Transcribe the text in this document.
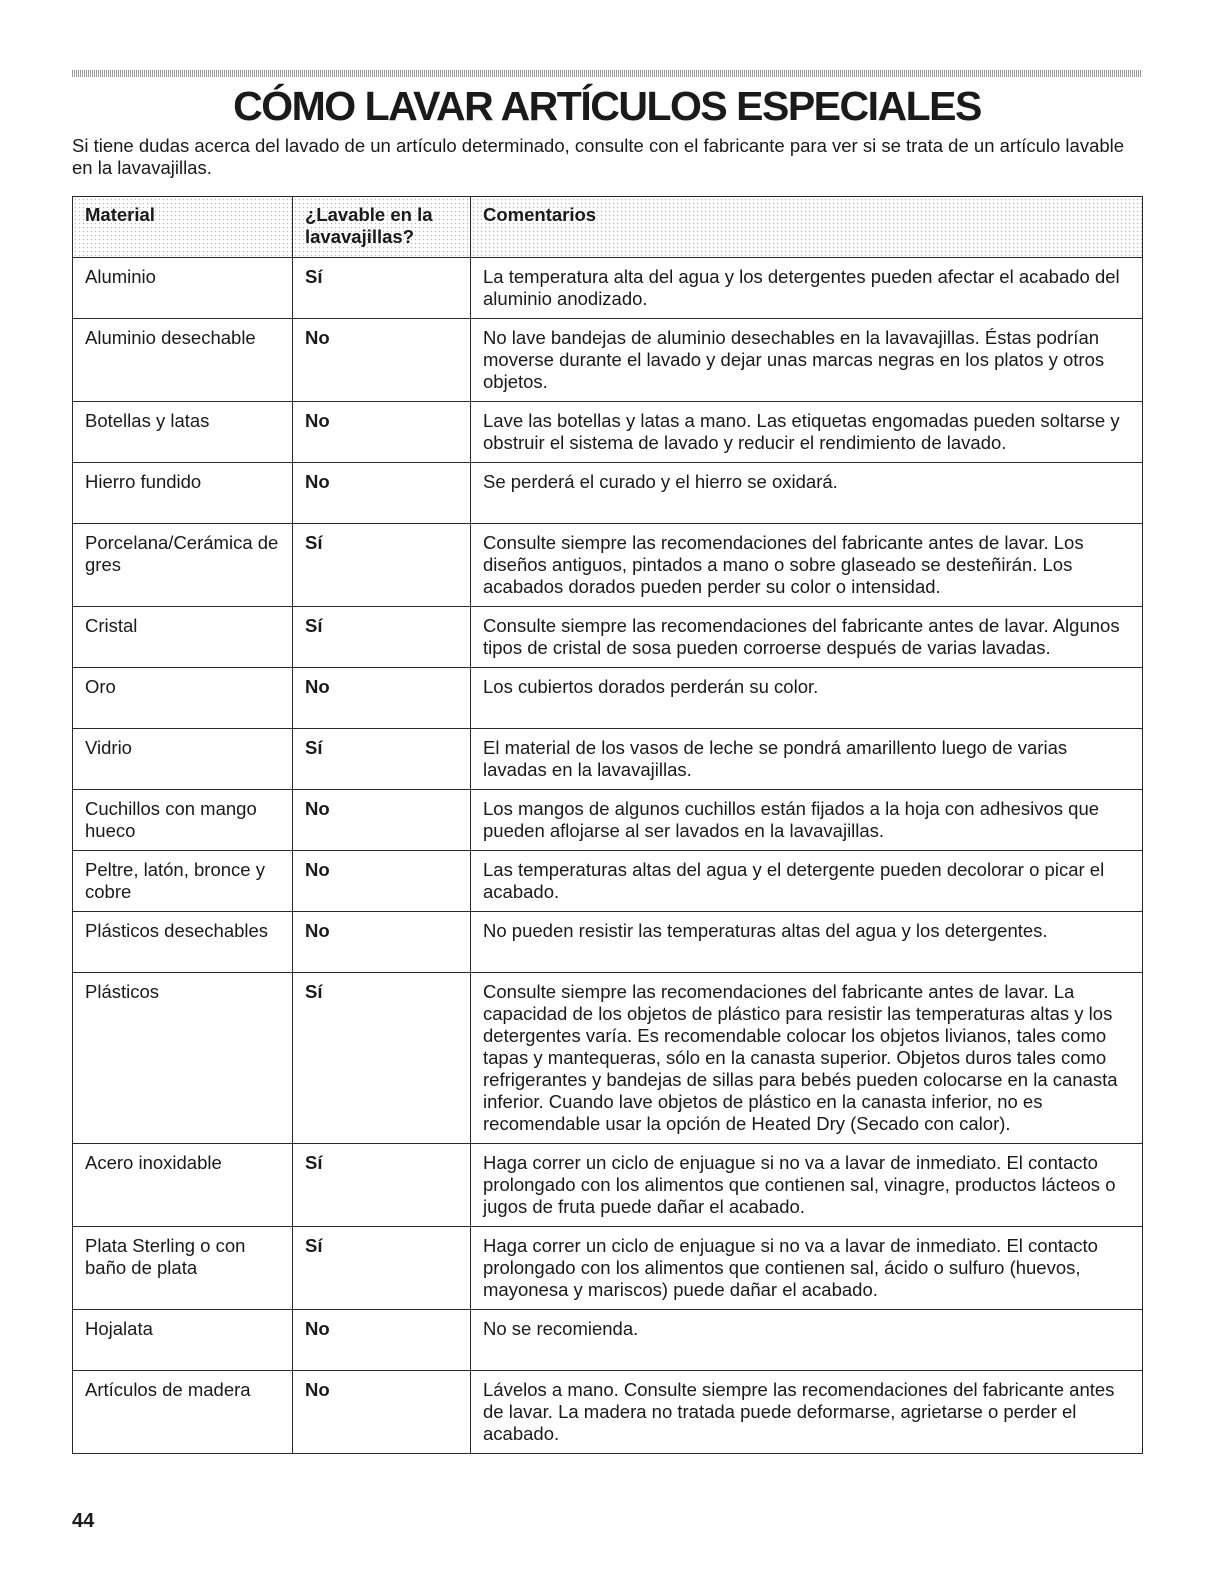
CÓMO LAVAR ARTÍCULOS ESPECIALES

Si tiene dudas acerca del lavado de un artículo determinado, consulte con el fabricante para ver si se trata de un artículo lavable en la lavavajillas.

Material	¿Lavable en la lavavajillas?	Comentarios
Aluminio	Sí	La temperatura alta del agua y los detergentes pueden afectar el acabado del aluminio anodizado.
Aluminio desechable	No	No lave bandejas de aluminio desechables en la lavavajillas. Éstas podrían moverse durante el lavado y dejar unas marcas negras en los platos y otros objetos.
Botellas y latas	No	Lave las botellas y latas a mano. Las etiquetas engomadas pueden soltarse y obstruir el sistema de lavado y reducir el rendimiento de lavado.
Hierro fundido	No	Se perderá el curado y el hierro se oxidará.
Porcelana/Cerámica de gres	Sí	Consulte siempre las recomendaciones del fabricante antes de lavar. Los diseños antiguos, pintados a mano o sobre glaseado se desteñirán. Los acabados dorados pueden perder su color o intensidad.
Cristal	Sí	Consulte siempre las recomendaciones del fabricante antes de lavar. Algunos tipos de cristal de sosa pueden corroerse después de varias lavadas.
Oro	No	Los cubiertos dorados perderán su color.
Vidrio	Sí	El material de los vasos de leche se pondrá amarillento luego de varias lavadas en la lavavajillas.
Cuchillos con mango hueco	No	Los mangos de algunos cuchillos están fijados a la hoja con adhesivos que pueden aflojarse al ser lavados en la lavavajillas.
Peltre, latón, bronce y cobre	No	Las temperaturas altas del agua y el detergente pueden decolorar o picar el acabado.
Plásticos desechables	No	No pueden resistir las temperaturas altas del agua y los detergentes.
Plásticos	Sí	Consulte siempre las recomendaciones del fabricante antes de lavar. La capacidad de los objetos de plástico para resistir las temperaturas altas y los detergentes varía. Es recomendable colocar los objetos livianos, tales como tapas y mantequeras, sólo en la canasta superior. Objetos duros tales como refrigerantes y bandejas de sillas para bebés pueden colocarse en la canasta inferior. Cuando lave objetos de plástico en la canasta inferior, no es recomendable usar la opción de Heated Dry (Secado con calor).
Acero inoxidable	Sí	Haga correr un ciclo de enjuague si no va a lavar de inmediato. El contacto prolongado con los alimentos que contienen sal, vinagre, productos lácteos o jugos de fruta puede dañar el acabado.
Plata Sterling o con baño de plata	Sí	Haga correr un ciclo de enjuague si no va a lavar de inmediato. El contacto prolongado con los alimentos que contienen sal, ácido o sulfuro (huevos, mayonesa y mariscos) puede dañar el acabado.
Hojalata	No	No se recomienda.
Artículos de madera	No	Lávelos a mano. Consulte siempre las recomendaciones del fabricante antes de lavar. La madera no tratada puede deformarse, agrietarse o perder el acabado.
44
